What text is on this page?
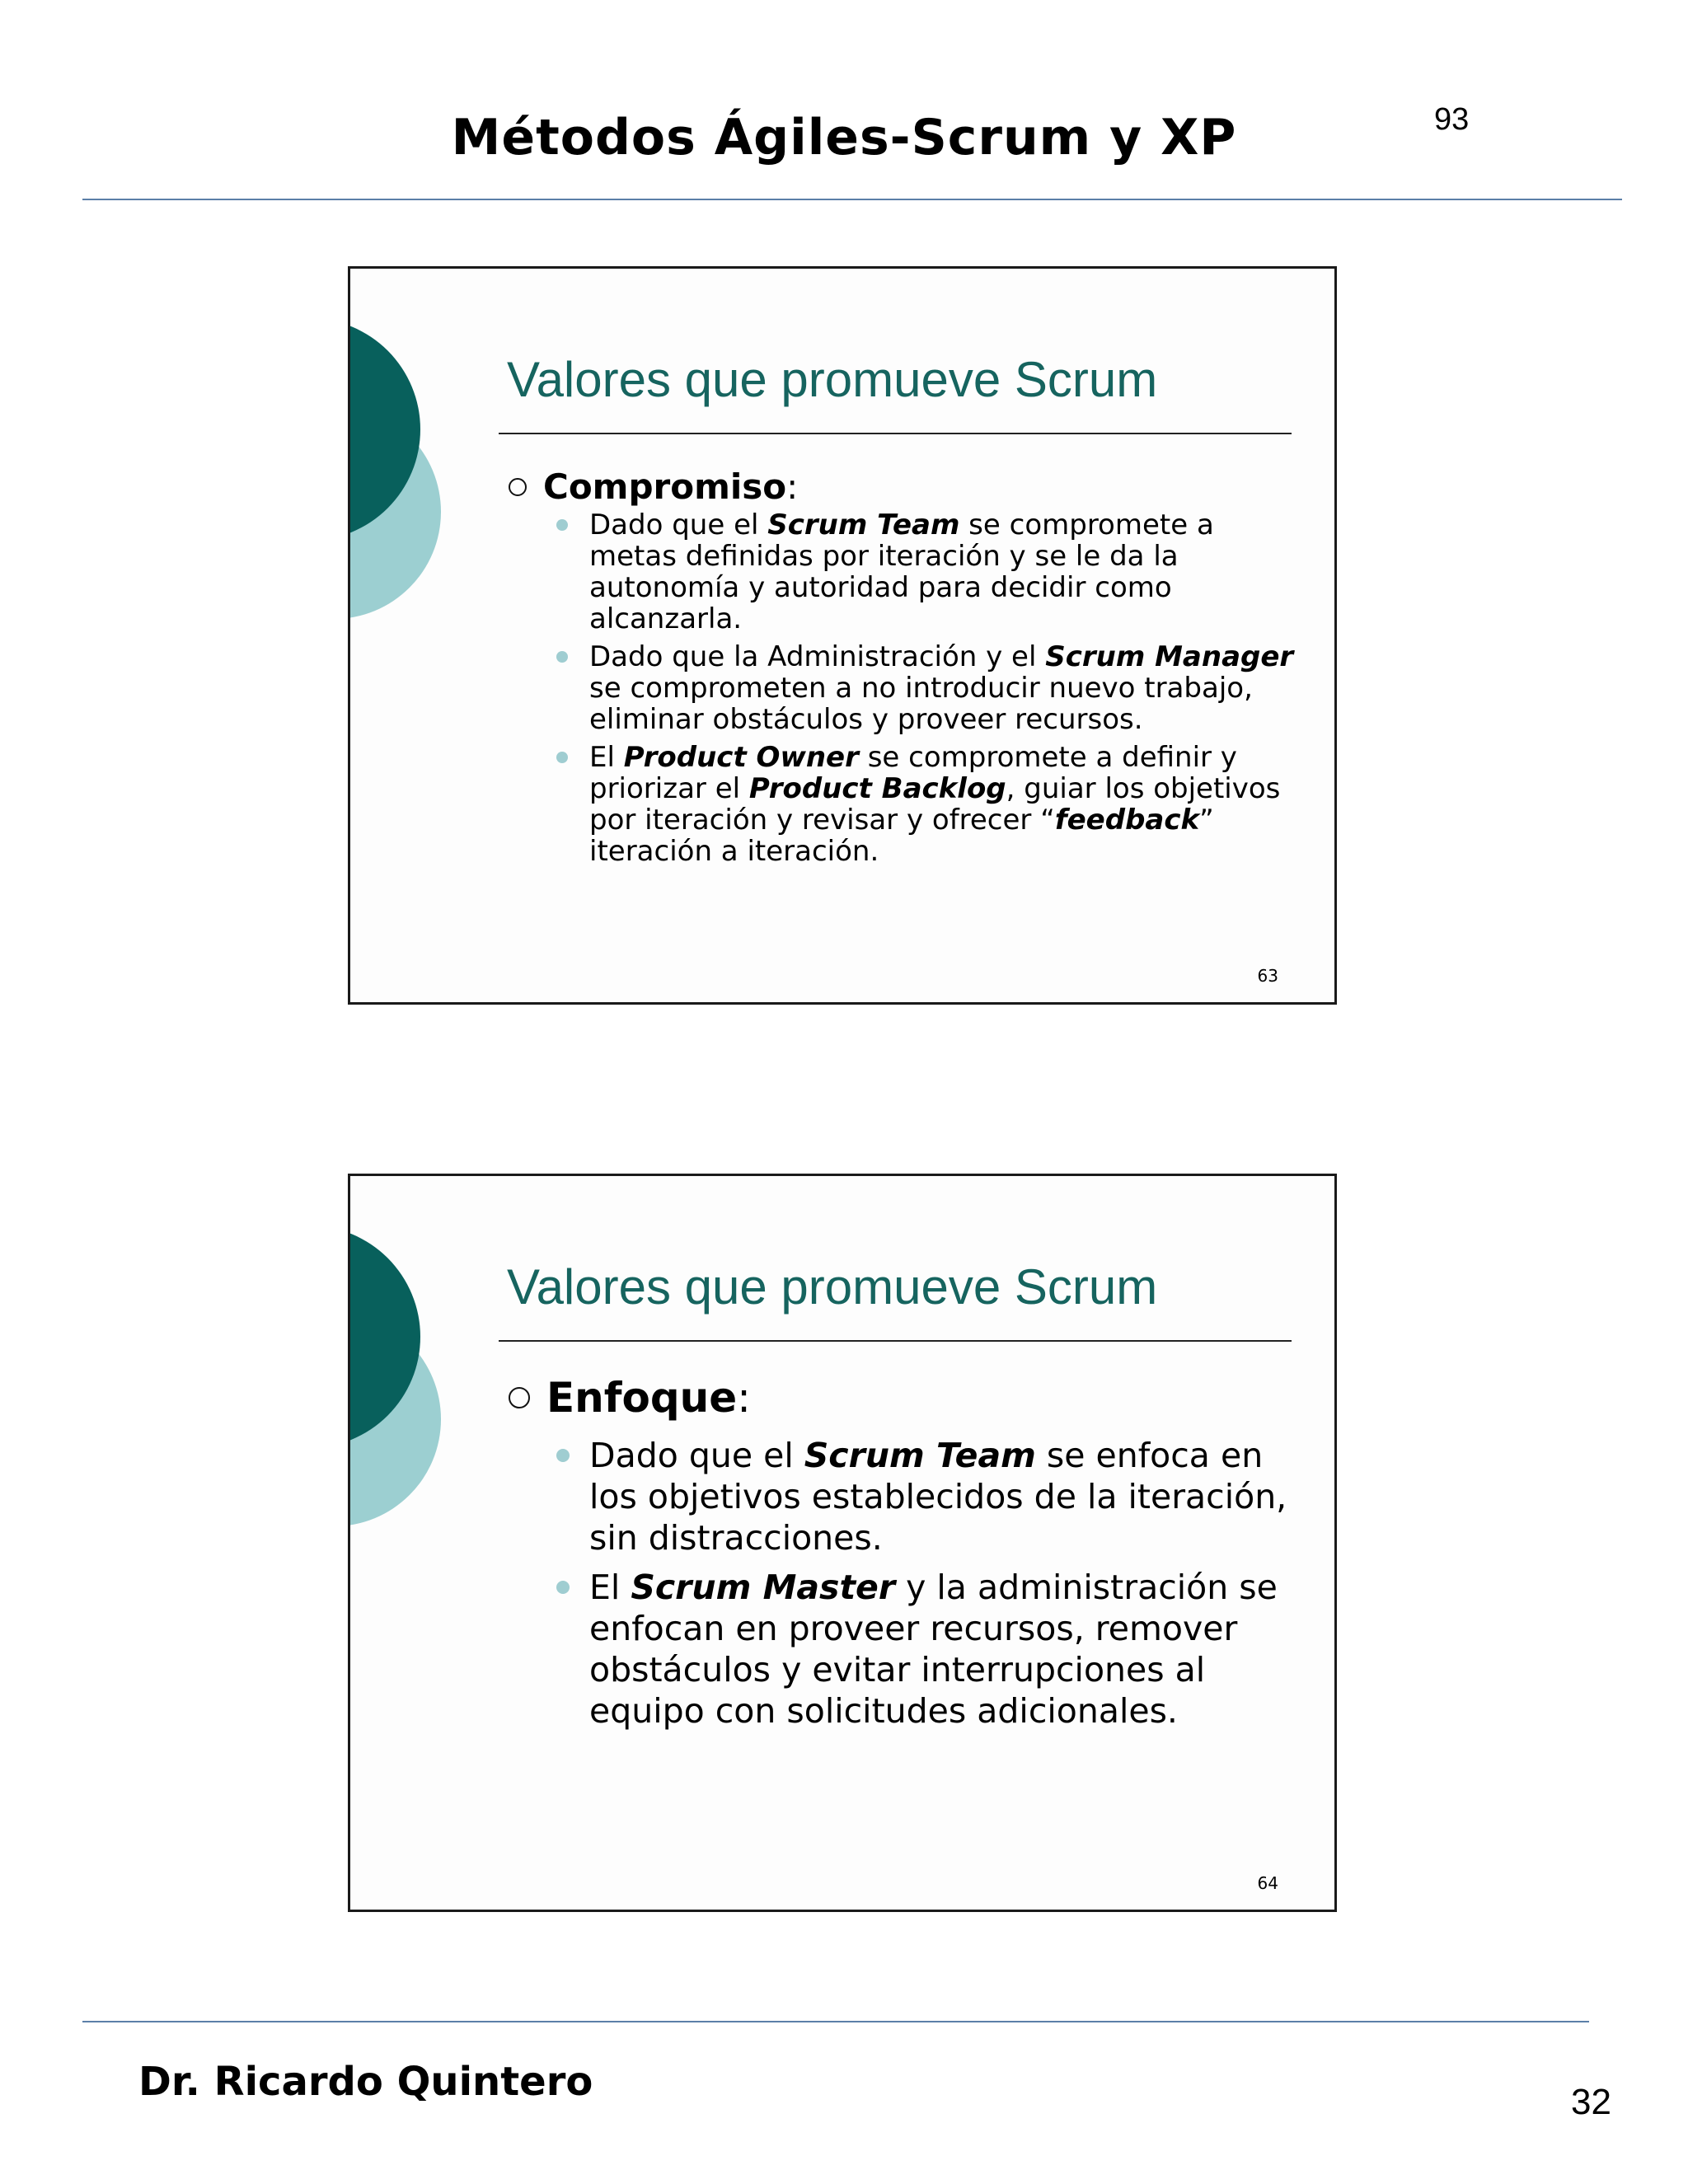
Métodos Ágiles-Scrum y XP	93
Valores que promueve Scrum
Compromiso :
Dado que el Scrum Team se compromete a metas definidas por iteración y se le da la autonomía y autoridad para decidir como alcanzarla.
Dado que la Administración y el Scrum Manager se comprometen a no introducir nuevo trabajo, eliminar obstáculos y proveer recursos.
El Product Owner se compromete a definir y priorizar el Product Backlog, guiar los objetivos por iteración y revisar y ofrecer “feedback” iteración a iteración.
63
Valores que promueve Scrum
Enfoque :
Dado que el Scrum Team se enfoca en los objetivos establecidos de la iteración, sin distracciones.
El Scrum Master y la administración se enfocan en proveer recursos, remover obstáculos y evitar interrupciones al equipo con solicitudes adicionales.
64
Dr. Ricardo Quintero	32
